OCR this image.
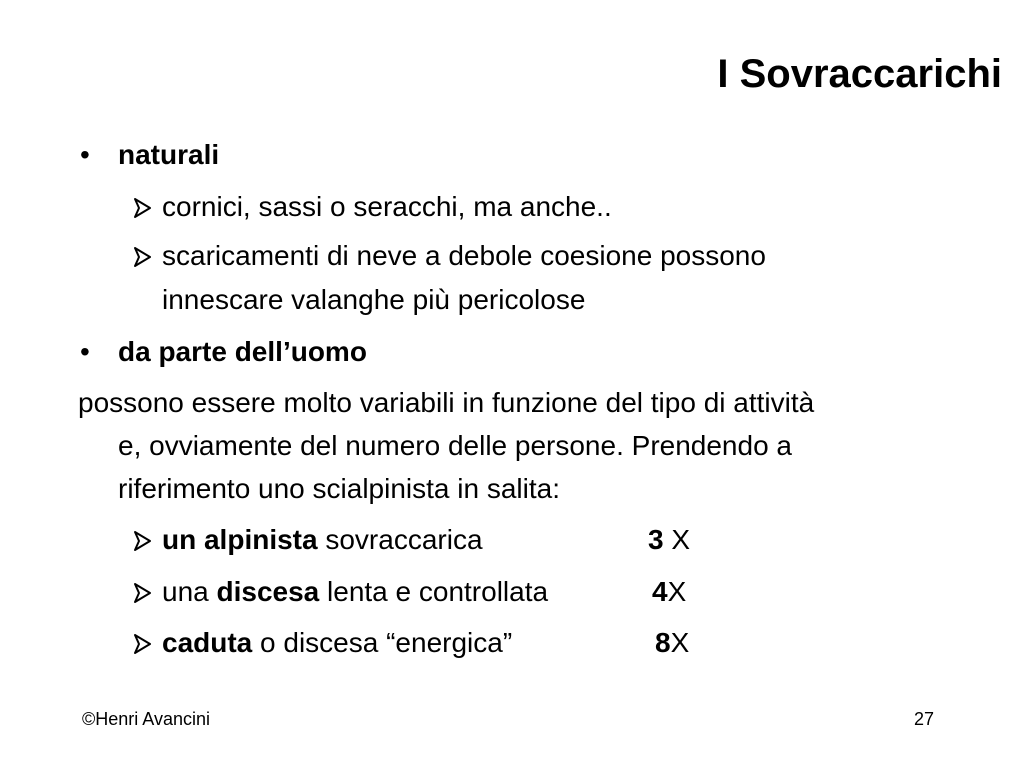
I Sovraccarichi
• naturali
cornici, sassi o seracchi, ma anche..
scaricamenti di neve a debole coesione possono
innescare valanghe più pericolose
• da parte dell’uomo
possono essere molto variabili in funzione del tipo di attività
e, ovviamente del numero delle persone. Prendendo a
riferimento uno scialpinista in salita:
un alpinista sovraccarica	3 X
una discesa lenta e controllata	4X
caduta o discesa “energica”	8X
©Henri Avancini	27
